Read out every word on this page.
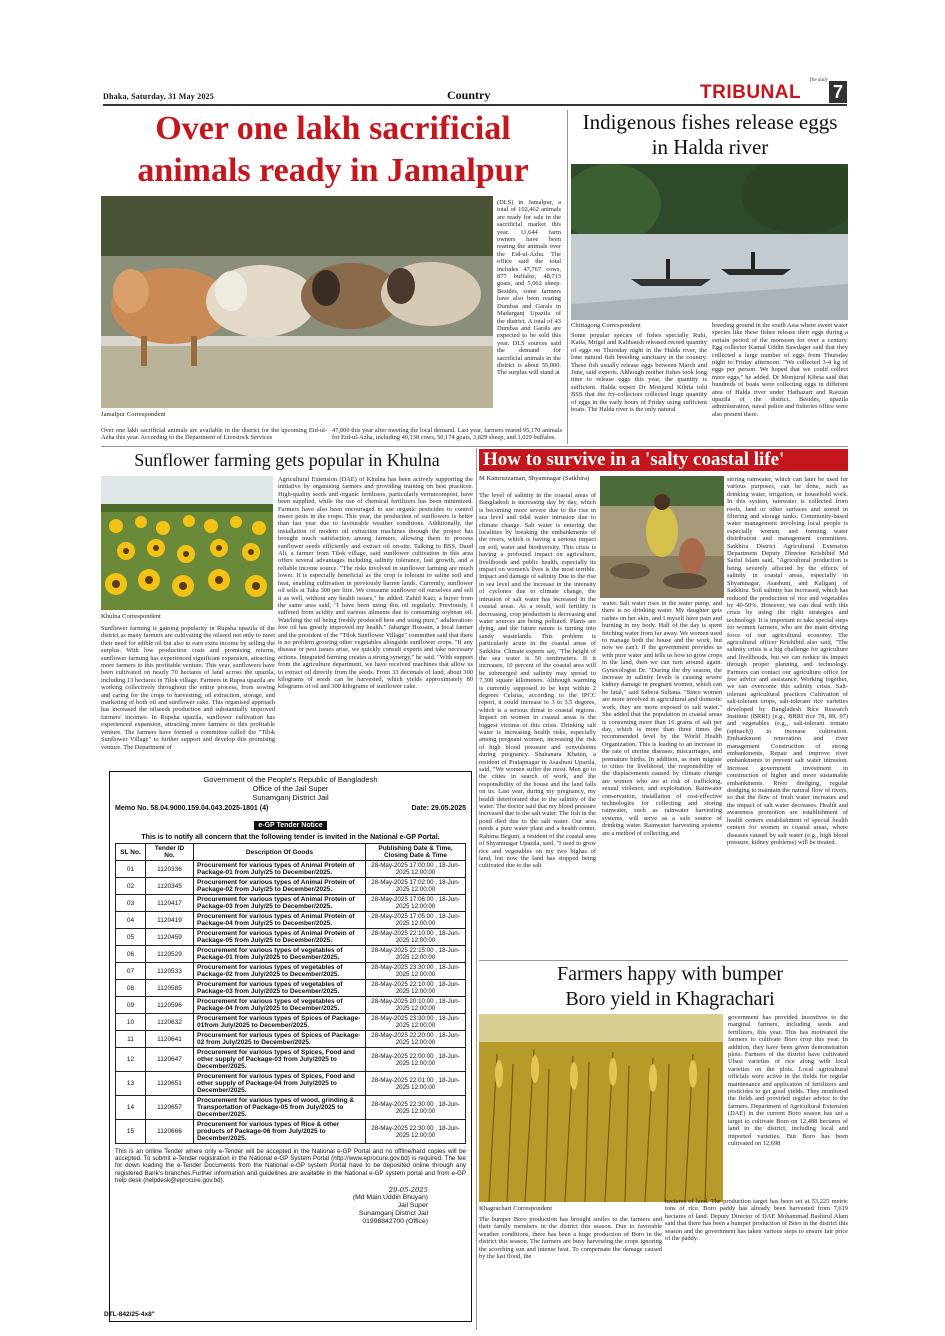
Dhaka, Saturday, 31 May 2025	Country
The daily
TRIBUNAL 7
Over one lakh sacrificial animals ready in Jamalpur
(DLS) in Jamalpur, a total of 102,462 animals are ready for sale in the sacrificial market this year. 11,644 farm owners have been rearing the animals over the Eid-ul-Azha. The office said the total includes 47,767 cows, 877 buffalos, 48,713 goats, and 5,062 sheep. Besides, some farmers have also been rearing Dumbas and Garals in Madarganj Upazila of the district. A total of 43 Dumbas and Garals are expected to be sold this year. DLS sources said the demand for sacrificial animals in the district is about 55,000. The surplus will stand at
Jamalpur Correspondent
Over one lakh sacrificial animals are available in the district for the upcoming Eid-ul-Azha this year. According to the Department of Livestock Services
47,000 this year after meeting the local demand. Last year, farmers reared 95,170 animals for Eid-ul-Azha, including 40,138 cows, 50,174 goats, 3,829 sheep, and 1,029 buffalos.
Indigenous fishes release eggs in Halda river
Chittagong Correspondent
Some popular species of fishes specially Ruhi, Katla, Mrigel and Kalibaush released record quantity of eggs on Thursday night in the Halda river, the lone natural fish breeding sanctuary in the country. These fish usually release eggs between March and June, said experts. Although mother fishes took long time to release eggs this year, the quantity is sufficient. Halda expert Dr Monjurul Kibria told BSS that the fry-collectors collected huge quantity of eggs in the early hours of Friday using sufficient boats. The Halda river is the only natural
breeding ground in the south Asia where sweet water species like these fishes release their eggs during a certain period of the monsoon for over a century. Egg collector Kamal Uddin Sawdager said that they collected a large number of eggs from Thursday night to Friday afternoon. "We collected 3-4 kg of eggs per person. We hoped that we could collect more eggs," he added. Dr Monjurul Kibria said that hundreds of boats were collecting eggs in different area of Halda river under Hathazari and Raozan upazila of the district. Besides, upazila administration, naval police and fisheries office were also present there.
Sunflower farming gets popular in Khulna
Khulna Correspondent
Sunflower farming is gaining popularity in Rupsha upazila of the district as many farmers are cultivating the oilseed not only to meet their need for edible oil but also to earn extra income by selling the surplus. With low production costs and promising returns, sunflower farming has experienced significant expansion, attracting more farmers to this profitable venture. This year, sunflowers have been cultivated on nearly 70 hectares of land across the upazila, including 13 hectares in Tilok village. Farmers in Rupsa upazila are working collectively throughout the entire process, from sowing and caring for the crops to harvesting, oil extraction, storage, and marketing of both oil and sunflower cake. This organised approach has increased the oilseeds production and substantially improved farmers' incomes. In Rupsha upazila, sunflower cultivation has experienced expansion, attracting more farmers to this profitable venture. The farmers have formed a committee called the "Tilok Sunflower Village" to further support and develop this promising venture. The Department of
Agricultural Extension (DAE) of Khulna has been actively supporting the initiative by organising farmers and providing training on best practices. High-quality seeds and organic fertilisers, particularly vermicompost, have been supplied, while the use of chemical fertilizers has been minimized. Farmers have also been encouraged to use organic pesticides to control insect pests in the crops. This year, the production of sunflowers is better than last year due to favourable weather conditions. Additionally, the installation of modern oil extraction machines through the project has brought much satisfaction among farmers, allowing them to process sunflower seeds efficiently and extract oil on-site. Talking to BSS, Daud Ali, a farmer from Tilok village, said sunflower cultivation in this area offers several advantages including salinity tolerance, fast growth, and a reliable income source. "The risks involved in sunflower farming are much lower. It is especially beneficial as the crop is tolerant to saline soil and heat, enabling cultivation in previously barren lands. Currently, sunflower oil sells at Taka 300 per litre. We consume sunflower oil ourselves and sell it as well, without any health issues," he added. Zahid Kazi, a buyer from the same area said, "I have been using this oil regularly. Previously, I suffered from acidity and various ailments due to consuming soybean oil. Watching the oil being freshly produced here and using pure," adulteration-free oil has greatly improved my health." Jahangir Hossain, a local farmer and the president of the "Tilok Sunflower Village" committee said that there is no problem growing other vegetables alongside sunflower crops. "If any disease or pest issues arise, we quickly consult experts and take necessary actions. Integrated farming creates a strong synergy," he said. "With support from the agriculture department, we have received machines that allow us to extract oil directly from the seeds. From 33 decimals of land, about 300 kilograms of seeds can be harvested, which yields approximately 80 kilograms of oil and 300 kilograms of sunflower cake.
Government of the People's Republic of Bangladesh
Office of the Jail Super
Sunamganj District Jail
Memo No. 58.04.9000.159.04.043.2025-1801 (4)	Date: 29.05.2025
e-GP Tender Notice
This is to notify all concern that the following tender is invited in the National e-GP Portal.
SL No.	Tender ID No.	Description Of Goods	Publishing Date & Time, Closing Date & Time
01	1120336	Procurement for various types of Animal Protein of Package-01 from July/25 to December/2025.	28-May-2025 17:00:00 , 18-Jun-2025 12:00:00
02	1120345	Procurement for various types of Animal Protein of Package-02 from July/25 to December/2025.	28-May-2025 17:02:00 , 18-Jun-2025 12:00:00
03	1120417	Procurement for various types of Animal Protein of Package-03 from July/25 to December/2025.	28-May-2025 17:06:00 , 18-Jun-2025 12:00:00
04	1120419	Procurement for various types of Animal Protein of Package-04 from July/25 to December/2025.	28-May-2025 17:05:00 , 18-Jun-2025 12:00:00
05	1120459	Procurement for various types of Animal Protein of Package-05 from July/25 to December/2025.	28-May-2025 22:10:00 , 18-Jun-2025 12:00:00
06	1120529	Procurement for various types of vegetables of Package-01 from July/2025 to December/2025.	28-May-2025 22:15:00 , 18-Jun-2025 12:00:00
07	1120533	Procurement for various types of vegetables of Package-02 from July/2025 to December/2025.	28-May-2025 23:30:00 , 18-Jun-2025 12:00:00
08	1120585	Procurement for various types of vegetables of Package-03 from July/2025 to December/2025.	28-May-2025 22:10:00 , 18-Jun-2025 12:00:00
09	1120596	Procurement for various types of vegetables of Package-04 from July/2025 to December/2025.	28-May-2025 20:10:00 , 18-Jun-2025 12:00:00
10	1120632	Procurement for various types of Spices of Package-01from July/2025 to December/2025.	28-May-2025 23:30:00 , 18-Jun-2025 12:00:00
11	1120641	Procurement for various types of Spices of Package-02 from July/2025 to December/2025.	28-May-2025 22:20:00 , 18-Jun-2025 12:00:00
12	1120647	Procurement for various types of Spices, Food and other supply of Package-03 from July/2025 to December/2025.	28-May-2025 22:00:00 , 18-Jun-2025 12:00:00
13	1120651	Procurement for various types of Spices, Food and other supply of Package-04 from July/2025 to December/2025.	28-May-2025 22:01:00 , 18-Jun-2025 12:00:00
14	1120657	Procurement for various types of wood, grinding & Transportation of Package-05 from July/2025 to December/2025.	28-May-2025 22:30:00 , 18-Jun-2025 12:00:00
15	1120666	Procurement for various types of Rice & other products of Package-06 from July/2025 to December/2025.	28-May-2025 22:30:00 , 18-Jun-2025 12:00:00
This is an online Tender where only e-Tender will be accepted in the National e-GP Portal and no offline/hard copies will be accepted. To submit e-Tender registration in the National e-GP System Portal (http://www.eprocure.gov.bd) is required. The fee for down loading the e-Tender Documents from the National e-GP system Portal have to be deposited online through any registered Bank's branches.Further information and guidelines are available in the National e-GP system portal and from e-GP help desk (helpdesk@eprocure.gov.bd).
29-05-2025
(Md Main Uddin Bhuyan)
Jail Super
Sunamganj District Jail
01998842700 (Office)
DTL-842/25-4x8"
How to survive in a 'salty coastal life'
M Kamruzzaman, Shyamnagar (Satkhira)
The level of salinity in the coastal areas of Bangladesh is increasing day by day, which is becoming more severe due to the rise in sea level and tidal water intrusion due to climate change. Salt water is entering the localities by breaking the embankments of the rivers, which is having a serious impact on soil, water and biodiversity. This crisis is having a profound impact on agriculture, livelihoods and public health, especially its impact on women's lives is the most terrible. Impact and damage of salinity Due to the rise in sea level and the increase in the intensity of cyclones due to climate change, the intrusion of salt water has increased in the coastal areas. As a result, soil fertility is decreasing, crop production is decreasing and water sources are being polluted. Plants are dying, and the future nature is turning into sandy wastelands. This problem is particularly acute in the coastal areas of Satkhira. Climate experts say, "The height of the sea water is 50 centimeters. If it increases, 10 percent of the coastal area will be submerged and salinity may spread to 7,300 square kilometers. Although warming is currently supposed to be kept within 2 degrees Celsius, according to the IPCC report, it could increase to 3 to 3.5 degrees, which is a serious threat to coastal regions. Impact on women in coastal areas is the biggest victims of this crisis. Drinking salt water is increasing health risks, especially among pregnant women, increasing the risk of high blood pressure and convulsions during pregnancy. Shahanara Khatun, a resident of Pratapnagar in Asashuni Upazila, said, "We women suffer the most. Men go to the cities in search of work, and the responsibility of the house and the land falls on us. Last year, during my pregnancy, my health deteriorated due to the salinity of the water. The doctor said that my blood pressure increased due to the salt water. The fish in the pond died due to the salt water. Our area needs a pure water plant and a health center. Rahima Begum, a resident of the coastal area of Shyamnagar Upazila, said, "I used to grow rice and vegetables on my two bighas of land, but now the land has stopped being cultivated due to the salt
water. Salt water rises in the water pump, and there is no drinking water. My daughter gets rashes on her skin, and I myself have pain and burning in my body. Half of the day is spent fetching water from far away. We women used to manage both the house and the work, but now we can't. If the government provides us with pure water and tells us how to grow crops in the land, then we can turn around again. Gynecologist Dr. "During the dry season, the increase in salinity levels is causing severe kidney damage in pregnant women, which can be fatal," said Sabera Sultana. "Since women are more involved in agricultural and domestic work, they are more exposed to salt water." She added that the population in coastal areas is consuming more than 16 grams of salt per day, which is more than three times the recommended level by the World Health Organization. This is leading to an increase in the rate of uterine diseases, miscarriages, and premature births. In addition, as men migrate to cities for livelihood, the responsibility of the displacements caused by climate change are women who are at risk of trafficking, sexual violence, and exploitation. Rainwater conservation, installation of cost-effective technologies for collecting and storing rainwater, such as rainwater harvesting systems, will serve as a safe source of drinking water. Rainwater harvesting systems are a method of collecting and
storing rainwater, which can later be used for various purposes, can be done, such as drinking water, irrigation, or household work. In this system, rainwater is collected from roofs, land or other surfaces and stored in filtering and storage tanks. Community-based water management involving local people is especially women, and forming water distribution and management committees. Satkhira District Agricultural Extension Department Deputy Director Krishibid Md Saiful Islam said, "Agricultural production is being severely affected by the effects of salinity in coastal areas, especially in Shyamnagar, Asashuni, and Kaliganj of Satkhira. Soil salinity has increased, which has reduced the production of rice and vegetables by 40-50%. However, we can deal with this crisis by using the right strategies and technology. It is important to take special steps for women farmers, who are the main driving force of our agricultural economy. The agricultural officer Krishibid also said, "The salinity crisis is a big challenge for agriculture and livelihoods, but we can reduce its impact through proper planning and technology. Farmers can contact our agriculture office for free advice and assistance. Working together, we can overcome this salinity crisis. Salt-tolerant agricultural practices Cultivation of salt-tolerant crops, salt-tolerant rice varieties developed by Bangladesh Rice Research Institute (BRRI) (e.g., BRRI rice 78, 89, 97) and vegetables (e.g., salt-tolerant tomato (spinach)) to increase cultivation. Embankment renovation and river management Construction of strong embankments, Repair and improve river embankments to prevent salt water intrusion. Increase government investment in construction of higher and more sustainable embankments. River dredging, regular dredging to maintain the natural flow of rivers, so that the flow of fresh water increases and the impact of salt water decreases. Health and awareness promotion are establishment of health centers establishment of special health centers for women in coastal areas, where diseases caused by salt water (e.g., high blood pressure, kidney problems) will be treated.
Farmers happy with bumper Boro yield in Khagrachari
government has provided incentives to the marginal farmers, including seeds and fertilizers, this year. This has motivated the farmers to cultivate Boro crop this year. In addition, they have been given demonstration plots. Farmers of the district have cultivated Ubasi varieties of rice along with local varieties on the plots. Local agricultural officials were active in the fields for regular maintenance and application of fertilizers and pesticides to get good yields. They monitored the fields and provided regular advice to the farmers. Department of Agricultural Extension (DAE) in the current Boro season has set a target to cultivate Boro on 12,488 hectares of land in the district, including local and imported varieties. But Boro has been cultivated on 12,698
Khagrachari Correspondent
The bumper Boro production has brought smiles to the farmers and their family members in the district this season. Due to favorable weather conditions, there has been a huge production of Boro in the district this season. The farmers are busy harvesting the crops ignoring the scorching sun and intense heat. To compensate the damage caused by the last flood, the
hectares of land. The production target has been set at 53,225 metric tons of rice. Boro paddy has already been harvested from 7,619 hectares of land. Deputy Director of DAE Mohammad Bashirul Alam said that there has been a bumper production of Boro in the district this season and the government has taken various steps to ensure fair price of the paddy.
